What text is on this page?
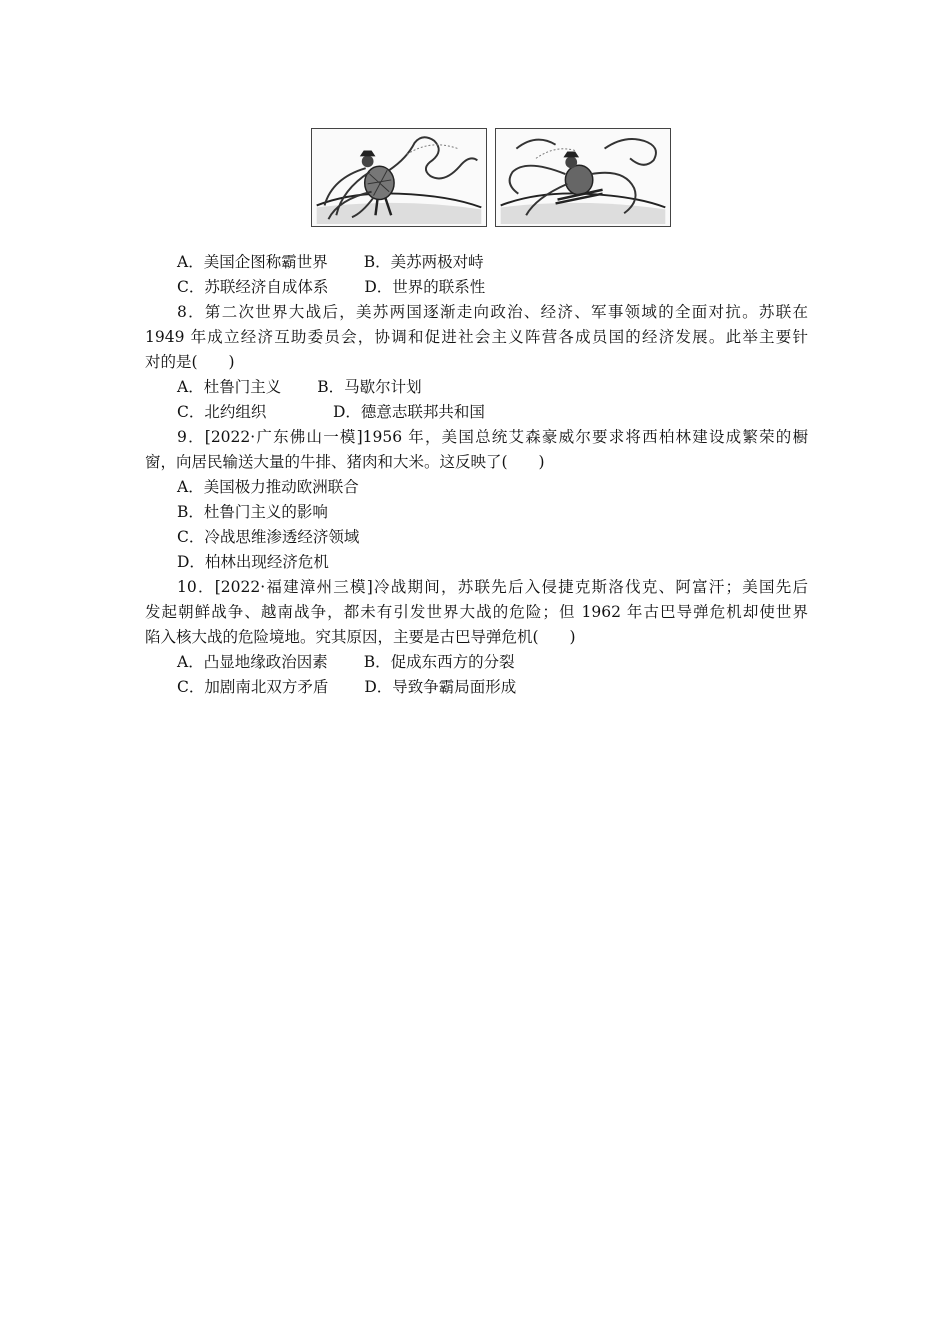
A．美国企图称霸世界 B．美苏两极对峙
C．苏联经济自成体系 D．世界的联系性
8．第二次世界大战后，美苏两国逐渐走向政治、经济、军事领域的全面对抗。苏联在
1949 年成立经济互助委员会，协调和促进社会主义阵营各成员国的经济发展。此举主要针
对的是(　　)
A．杜鲁门主义 B．马歇尔计划
C．北约组织	D．德意志联邦共和国
9．[2022·广东佛山一模]1956 年，美国总统艾森豪威尔要求将西柏林建设成繁荣的橱
窗，向居民输送大量的牛排、猪肉和大米。这反映了(　　)
A．美国极力推动欧洲联合
B．杜鲁门主义的影响
C．冷战思维渗透经济领域
D．柏林出现经济危机
10．[2022·福建漳州三模]冷战期间，苏联先后入侵捷克斯洛伐克、阿富汗；美国先后
发起朝鲜战争、越南战争，都未有引发世界大战的危险；但 1962 年古巴导弹危机却使世界
陷入核大战的危险境地。究其原因，主要是古巴导弹危机(　　)
A．凸显地缘政治因素 B．促成东西方的分裂
C．加剧南北双方矛盾 D．导致争霸局面形成
